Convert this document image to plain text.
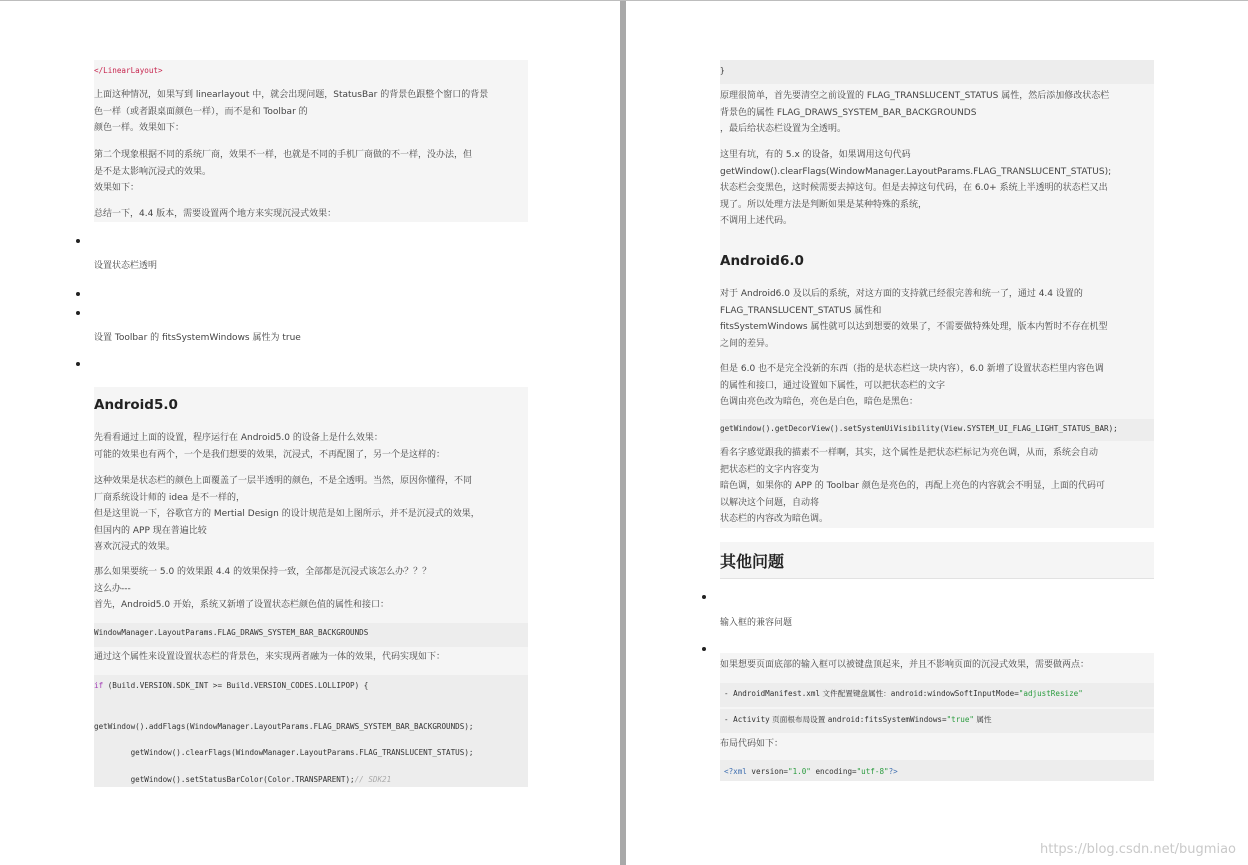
</LinearLayout>
上面这种情况，如果写到 linearlayout 中，就会出现问题，StatusBar 的背景色跟整个窗口的背景
色一样（或者跟桌面颜色一样），而不是和 Toolbar 的
颜色一样。效果如下：
第二个现象根据不同的系统厂商，效果不一样，也就是不同的手机厂商做的不一样，没办法，但
是不是太影响沉浸式的效果。
效果如下：
总结一下，4.4 版本，需要设置两个地方来实现沉浸式效果：
设置状态栏透明
设置 Toolbar 的 fitsSystemWindows 属性为 true
Android5.0
先看看通过上面的设置，程序运行在 Android5.0 的设备上是什么效果：
可能的效果也有两个，一个是我们想要的效果，沉浸式，不再配图了，另一个是这样的：
这种效果是状态栏的颜色上面覆盖了一层半透明的颜色，不是全透明。当然，原因你懂得，不同
厂商系统设计师的 idea 是不一样的，
但是这里说一下，谷歌官方的 Mertial Design 的设计规范是如上图所示，并不是沉浸式的效果，
但国内的 APP 现在普遍比较
喜欢沉浸式的效果。
那么如果要统一 5.0 的效果跟 4.4 的效果保持一致，全部都是沉浸式该怎么办？？？
这么办---
首先，Android5.0 开始，系统又新增了设置状态栏颜色值的属性和接口：
WindowManager.LayoutParams.FLAG_DRAWS_SYSTEM_BAR_BACKGROUNDS
通过这个属性来设置设置状态栏的背景色，来实现两者融为一体的效果，代码实现如下：
if (Build.VERSION.SDK_INT >= Build.VERSION_CODES.LOLLIPOP) {
getWindow().addFlags(WindowManager.LayoutParams.FLAG_DRAWS_SYSTEM_BAR_BACKGROUNDS);
getWindow().clearFlags(WindowManager.LayoutParams.FLAG_TRANSLUCENT_STATUS);
getWindow().setStatusBarColor(Color.TRANSPARENT);// SDK21
}
原理很简单，首先要清空之前设置的 FLAG_TRANSLUCENT_STATUS 属性，然后添加修改状态栏
背景色的属性 FLAG_DRAWS_SYSTEM_BAR_BACKGROUNDS
，最后给状态栏设置为全透明。
这里有坑，有的 5.x 的设备，如果调用这句代码
getWindow().clearFlags(WindowManager.LayoutParams.FLAG_TRANSLUCENT_STATUS);
状态栏会变黑色，这时候需要去掉这句。但是去掉这句代码，在 6.0+ 系统上半透明的状态栏又出
现了。所以处理方法是判断如果是某种特殊的系统，
不调用上述代码。
Android6.0
对于 Android6.0 及以后的系统，对这方面的支持就已经很完善和统一了，通过 4.4 设置的
FLAG_TRANSLUCENT_STATUS 属性和
fitsSystemWindows 属性就可以达到想要的效果了，不需要做特殊处理，版本内暂时不存在机型
之间的差异。
但是 6.0 也不是完全没新的东西（指的是状态栏这一块内容），6.0 新增了设置状态栏里内容色调
的属性和接口，通过设置如下属性，可以把状态栏的文字
色调由亮色改为暗色，亮色是白色，暗色是黑色：
getWindow().getDecorView().setSystemUiVisibility(View.SYSTEM_UI_FLAG_LIGHT_STATUS_BAR);
看名字感觉跟我的描素不一样啊，其实，这个属性是把状态栏标记为亮色调，从而，系统会自动
把状态栏的文字内容变为
暗色调，如果你的 APP 的 Toolbar 颜色是亮色的，再配上亮色的内容就会不明显，上面的代码可
以解决这个问题，自动将
状态栏的内容改为暗色调。
其他问题
输入框的兼容问题
如果想要页面底部的输入框可以被键盘顶起来，并且不影响页面的沉浸式效果，需要做两点：
- AndroidManifest.xml 文件配置键盘属性：android:windowSoftInputMode="adjustResize"
- Activity 页面根布局设置 android:fitsSystemWindows="true" 属性
布局代码如下：
<?xml version="1.0" encoding="utf-8"?>
https://blog.csdn.net/bugmiao
